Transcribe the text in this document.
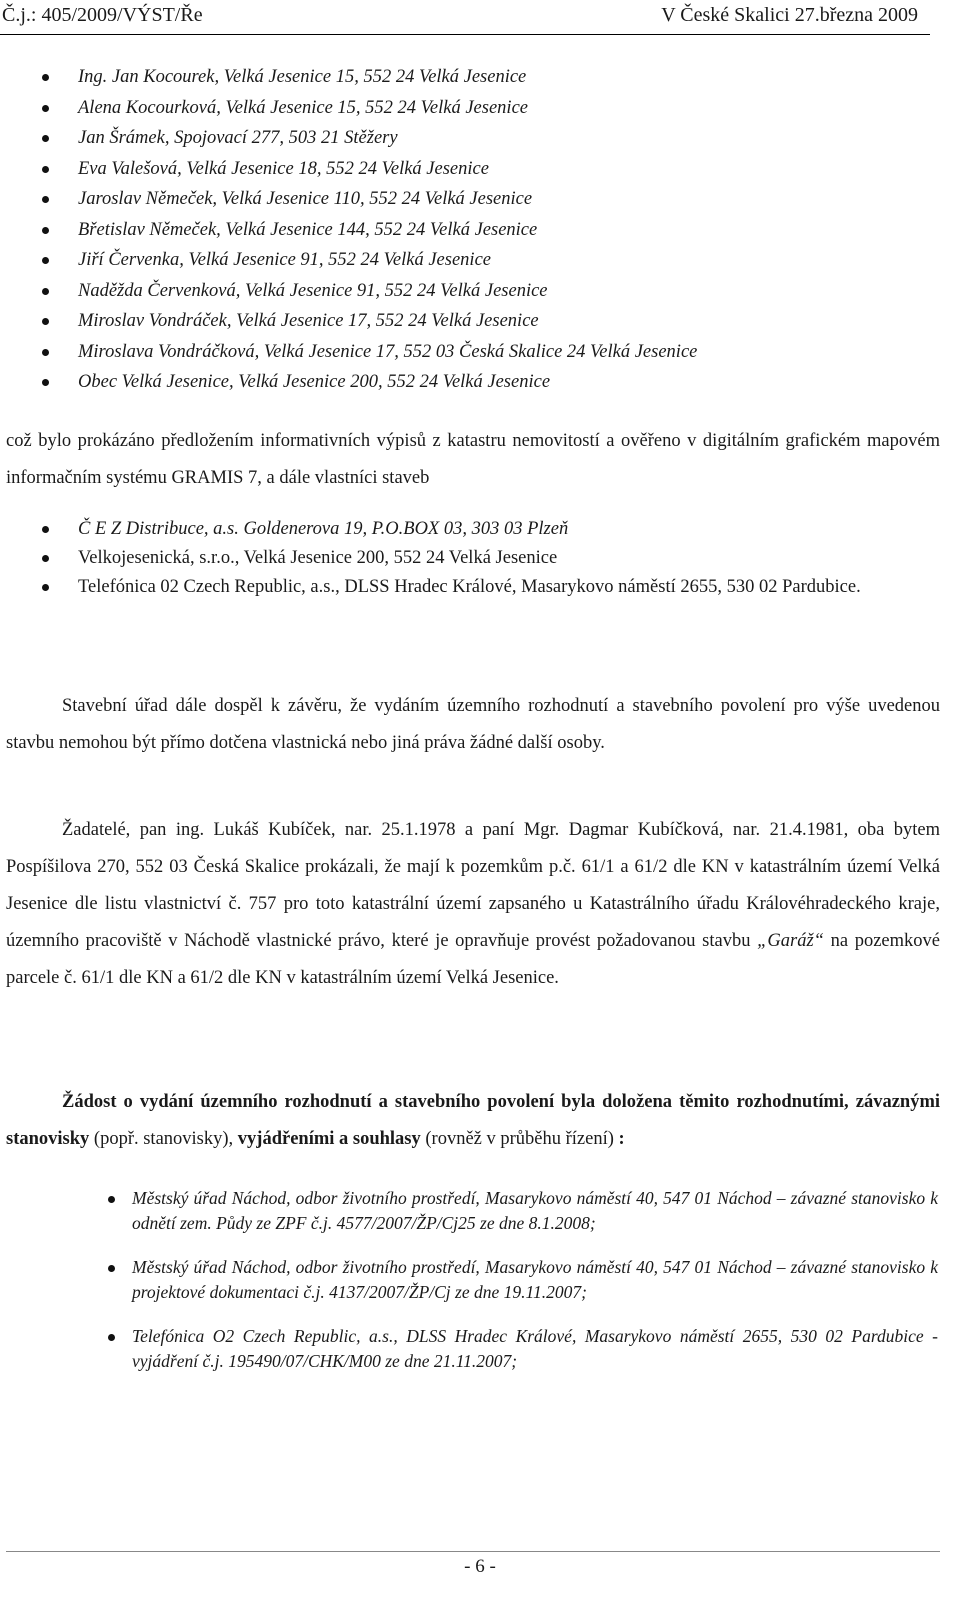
Č.j.: 405/2009/VÝST/Ře	V České Skalici 27.března 2009
Ing. Jan Kocourek, Velká Jesenice 15, 552 24 Velká Jesenice
Alena Kocourková, Velká Jesenice 15, 552 24 Velká Jesenice
Jan Šrámek, Spojovací 277, 503 21 Stěžery
Eva Valešová, Velká Jesenice 18, 552 24 Velká Jesenice
Jaroslav Němeček, Velká Jesenice 110, 552 24 Velká Jesenice
Břetislav Němeček, Velká Jesenice 144, 552 24 Velká Jesenice
Jiří Červenka, Velká Jesenice 91, 552 24 Velká Jesenice
Naděžda Červenková, Velká Jesenice 91, 552 24 Velká Jesenice
Miroslav Vondráček, Velká Jesenice 17, 552 24 Velká Jesenice
Miroslava Vondráčková, Velká Jesenice 17, 552 03 Česká Skalice 24 Velká Jesenice
Obec Velká Jesenice, Velká Jesenice 200, 552 24 Velká Jesenice
což bylo prokázáno předložením informativních výpisů z katastru nemovitostí a ověřeno v digitálním grafickém mapovém informačním systému GRAMIS 7, a dále vlastníci staveb
Č E Z Distribuce, a.s. Goldenerova 19, P.O.BOX 03, 303 03 Plzeň
Velkojesenická, s.r.o., Velká Jesenice 200, 552 24 Velká Jesenice
Telefónica 02 Czech Republic, a.s., DLSS Hradec Králové, Masarykovo náměstí 2655, 530 02 Pardubice.
Stavební úřad dále dospěl k závěru, že vydáním územního rozhodnutí a stavebního povolení pro výše uvedenou stavbu nemohou být přímo dotčena vlastnická nebo jiná práva žádné další osoby.
Žadatelé, pan ing. Lukáš Kubíček, nar. 25.1.1978 a paní Mgr. Dagmar Kubíčková, nar. 21.4.1981, oba bytem Pospíšilova 270, 552 03 Česká Skalice prokázali, že mají k pozemkům p.č. 61/1 a 61/2 dle KN v katastrálním území Velká Jesenice dle listu vlastnictví č. 757 pro toto katastrální území zapsaného u Katastrálního úřadu Královéhradeckého kraje, územního pracoviště v Náchodě vlastnické právo, které je opravňuje provést požadovanou stavbu „Garáž“ na pozemkové parcele č. 61/1 dle KN a 61/2 dle KN v katastrálním území Velká Jesenice.
Žádost o vydání územního rozhodnutí a stavebního povolení byla doložena těmito rozhodnutími, závaznými stanovisky (popř. stanovisky), vyjádřeními a souhlasy (rovněž v průběhu řízení) :
Městský úřad Náchod, odbor životního prostředí, Masarykovo náměstí 40, 547 01 Náchod – závazné stanovisko k odnětí zem. Půdy ze ZPF č.j. 4577/2007/ŽP/Cj25 ze dne 8.1.2008;
Městský úřad Náchod, odbor životního prostředí, Masarykovo náměstí 40, 547 01 Náchod – závazné stanovisko k projektové dokumentaci č.j. 4137/2007/ŽP/Cj ze dne 19.11.2007;
Telefónica O2 Czech Republic, a.s., DLSS Hradec Králové, Masarykovo náměstí 2655, 530 02 Pardubice - vyjádření č.j. 195490/07/CHK/M00 ze dne 21.11.2007;
- 6 -
